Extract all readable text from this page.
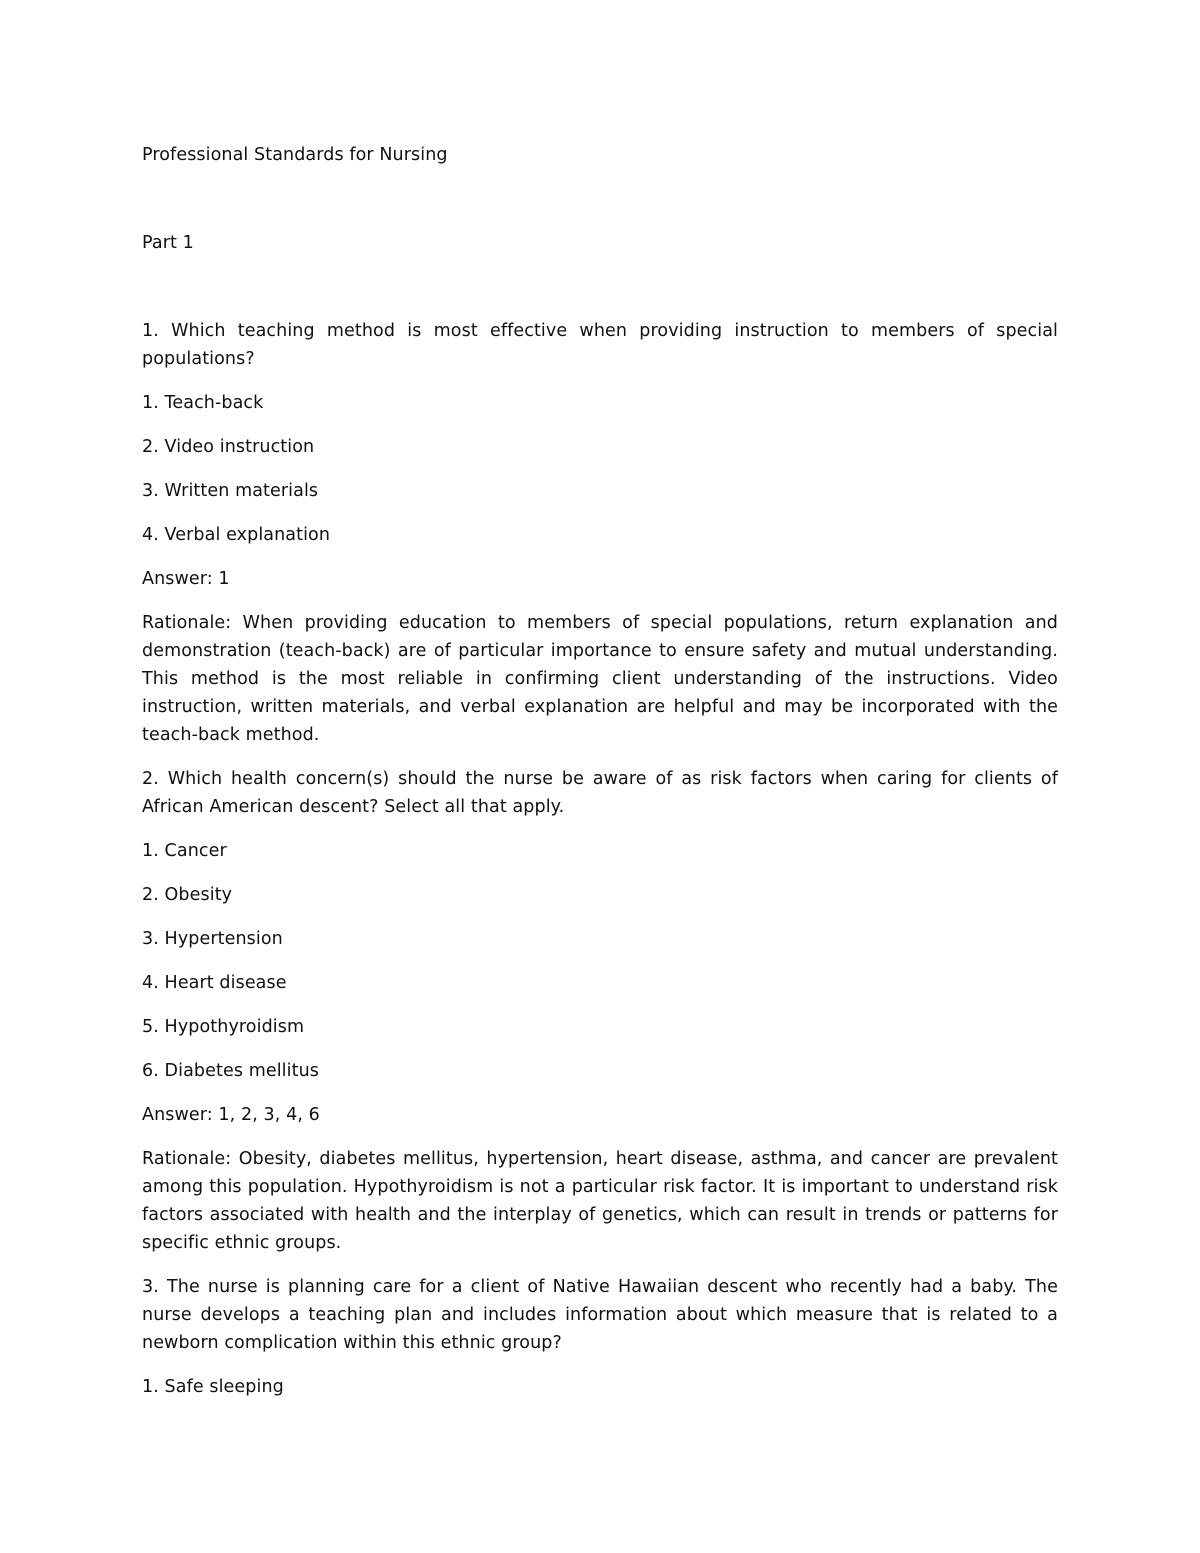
Professional Standards for Nursing
Part 1

1. Which teaching method is most effective when providing instruction to members of special populations?

1. Teach-back

2. Video instruction

3. Written materials

4. Verbal explanation

Answer: 1

Rationale: When providing education to members of special populations, return explanation and demonstration (teach-back) are of particular importance to ensure safety and mutual understanding. This method is the most reliable in confirming client understanding of the instructions. Video instruction, written materials, and verbal explanation are helpful and may be incorporated with the teach-back method.

2. Which health concern(s) should the nurse be aware of as risk factors when caring for clients of African American descent? Select all that apply.

1. Cancer

2. Obesity

3. Hypertension

4. Heart disease

5. Hypothyroidism

6. Diabetes mellitus

Answer: 1, 2, 3, 4, 6

Rationale: Obesity, diabetes mellitus, hypertension, heart disease, asthma, and cancer are prevalent among this population. Hypothyroidism is not a particular risk factor. It is important to understand risk factors associated with health and the interplay of genetics, which can result in trends or patterns for specific ethnic groups.

3. The nurse is planning care for a client of Native Hawaiian descent who recently had a baby. The nurse develops a teaching plan and includes information about which measure that is related to a newborn complication within this ethnic group?

1. Safe sleeping
